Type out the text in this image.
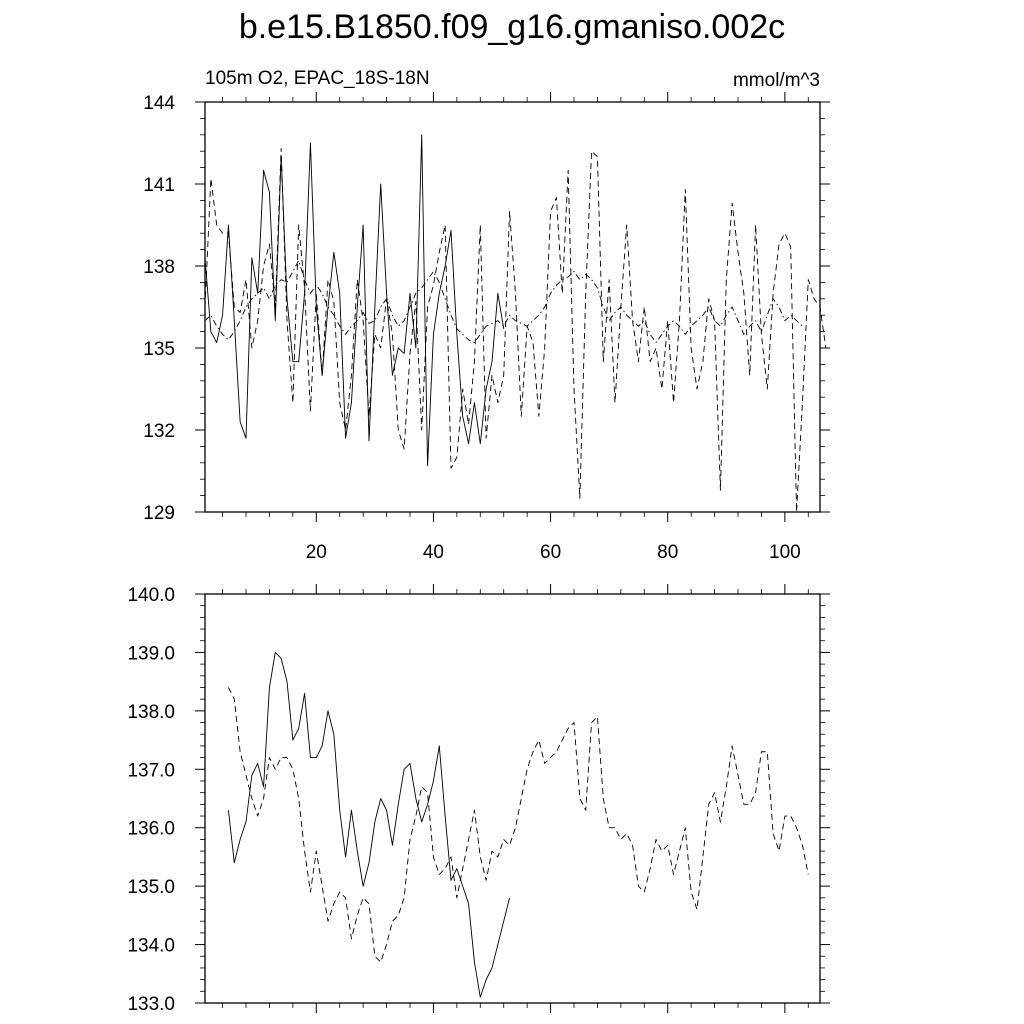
b.e15.B1850.f09_g16.gmaniso.002c
105m O2, EPAC_18S-18N	mmol/m^3
129
132
135
138
141
144
20	40	60	80	100
133.0
134.0
135.0
136.0
137.0
138.0
139.0
140.0
